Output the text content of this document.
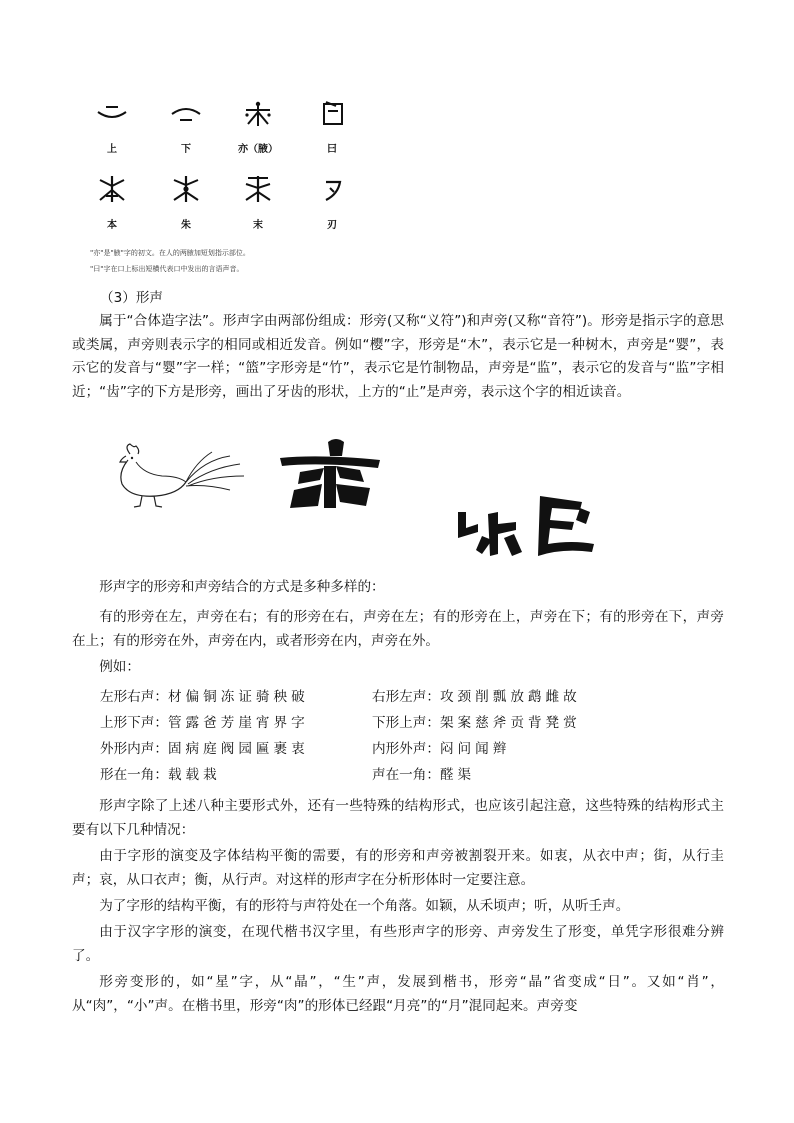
上	下	亦（腋）	曰
本	朱	末	刃
"亦"是"腋"字的初文。在人的两腋加短划指示部位。
"曰"字在口上标出短横代表口中发出的言语声音。
（3）形声

属于“合体造字法”。形声字由两部份组成：形旁(又称“义符”)和声旁(又称“音符”)。形旁是指示字的意思或类属，声旁则表示字的相同或相近发音。例如“樱”字，形旁是“木”，表示它是一种树木，声旁是“婴”，表示它的发音与“婴”字一样；“篮”字形旁是“竹”，表示它是竹制物品，声旁是“监”，表示它的发音与“监”字相近；“齿”字的下方是形旁，画出了牙齿的形状，上方的“止”是声旁，表示这个字的相近读音。

形声字的形旁和声旁结合的方式是多种多样的：

有的形旁在左，声旁在右；有的形旁在右，声旁在左；有的形旁在上，声旁在下；有的形旁在下，声旁在上；有的形旁在外，声旁在内，或者形旁在内，声旁在外。

例如：

左形右声：材偏铜冻证骑秧破	右形左声：攻颈削瓢放鹉雌故
上形下声：管露爸芳崖宵界字	下形上声：架案慈斧贡背凳赏
外形内声：固病庭阀园匾裹衷	内形外声：闷问闻辫
形在一角：载载栽	声在一角：醛渠

形声字除了上述八种主要形式外，还有一些特殊的结构形式，也应该引起注意，这些特殊的结构形式主要有以下几种情况：

由于字形的演变及字体结构平衡的需要，有的形旁和声旁被割裂开来。如衷，从衣中声；街，从行圭声；哀，从口衣声；衡，从行声。对这样的形声字在分析形体时一定要注意。

为了字形的结构平衡，有的形符与声符处在一个角落。如颖，从禾顷声；听，从听壬声。

由于汉字字形的演变，在现代楷书汉字里，有些形声字的形旁、声旁发生了形变，单凭字形很难分辨了。

形旁变形的，如“星”字，从“晶”，“生”声，发展到楷书，形旁“晶”省变成“日”。又如“肖”，从“肉”，“小”声。在楷书里，形旁“肉”的形体已经跟“月亮”的“月”混同起来。声旁变
